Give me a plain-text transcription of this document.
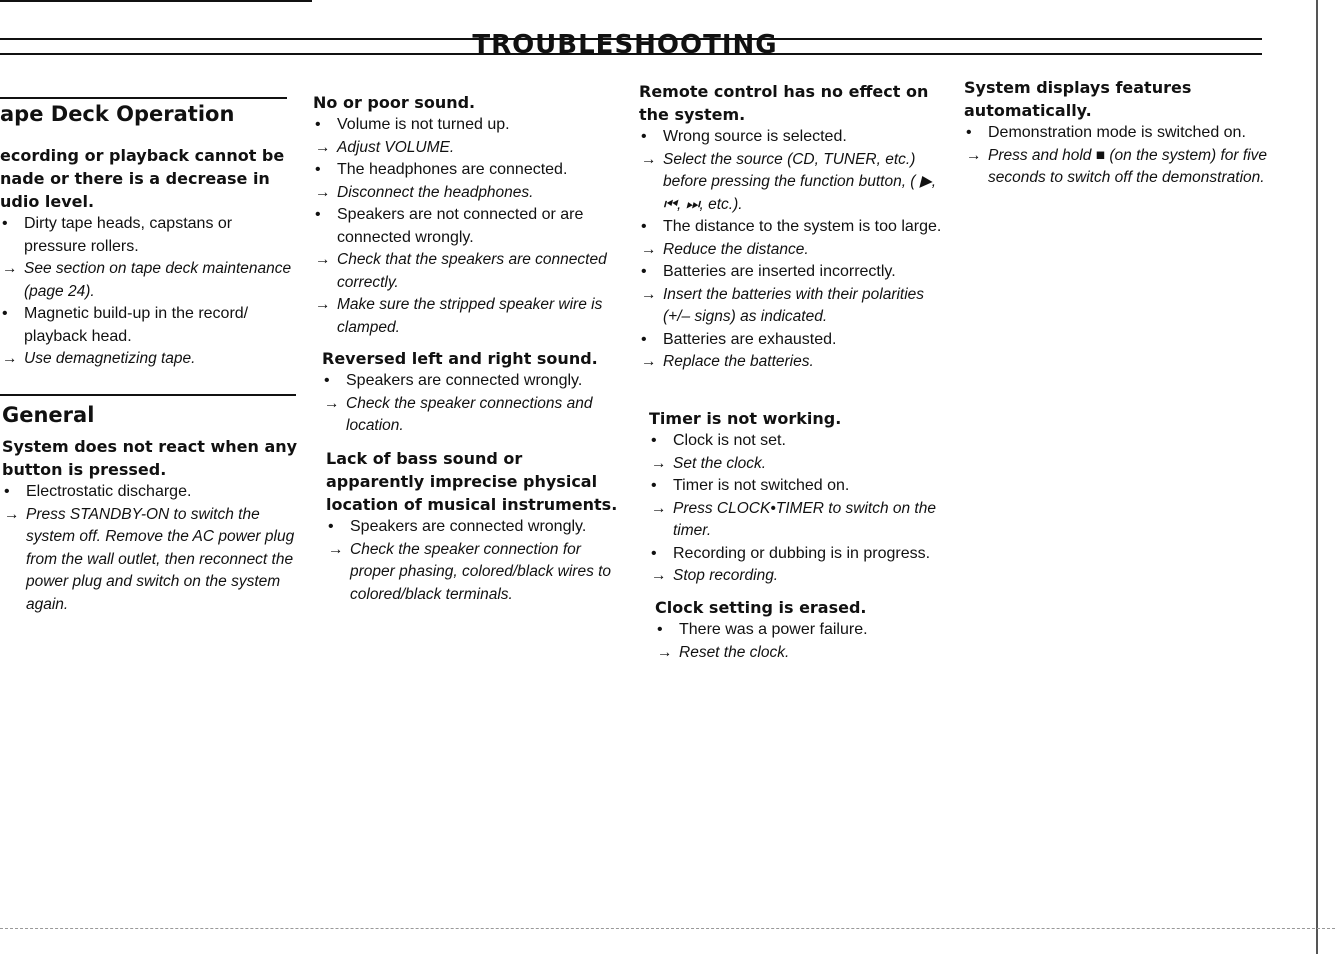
TROUBLESHOOTING
ape Deck Operation

ecording or playback cannot be nade or there is a decrease in udio level.

•
Dirty tape heads, capstans or pressure rollers.
→
See section on tape deck maintenance (page 24).
•
Magnetic build-up in the record/ playback head.
→
Use demagnetizing tape.
General

System does not react when any button is pressed.

•
Electrostatic discharge.
→
Press STANDBY-ON to switch the system off. Remove the AC power plug from the wall outlet, then reconnect the power plug and switch on the system again.

No or poor sound.

•
Volume is not turned up.
→
Adjust VOLUME.
•
The headphones are connected.
→
Disconnect the headphones.
•
Speakers are not connected or are connected wrongly.
→
Check that the speakers are connected correctly.
→
Make sure the stripped speaker wire is clamped.

Reversed left and right sound.

•
Speakers are connected wrongly.
→
Check the speaker connections and location.

Lack of bass sound or apparently imprecise physical location of musical instruments.

•
Speakers are connected wrongly.
→
Check the speaker connection for proper phasing, colored/black wires to colored/black terminals.

Remote control has no effect on the system.

•
Wrong source is selected.
→
Select the source (CD, TUNER, etc.) before pressing the function button, ( ▶, ⏮, ⏭, etc.).
•
The distance to the system is too large.
→
Reduce the distance.
•
Batteries are inserted incorrectly.
→
Insert the batteries with their polarities (+/– signs) as indicated.
•
Batteries are exhausted.
→
Replace the batteries.

Timer is not working.

•
Clock is not set.
→
Set the clock.
•
Timer is not switched on.
→
Press CLOCK•TIMER to switch on the timer.
•
Recording or dubbing is in progress.
→
Stop recording.

Clock setting is erased.

•
There was a power failure.
→
Reset the clock.

System displays features automatically.

•
Demonstration mode is switched on.
→
Press and hold ■ (on the system) for five seconds to switch off the demonstration.
